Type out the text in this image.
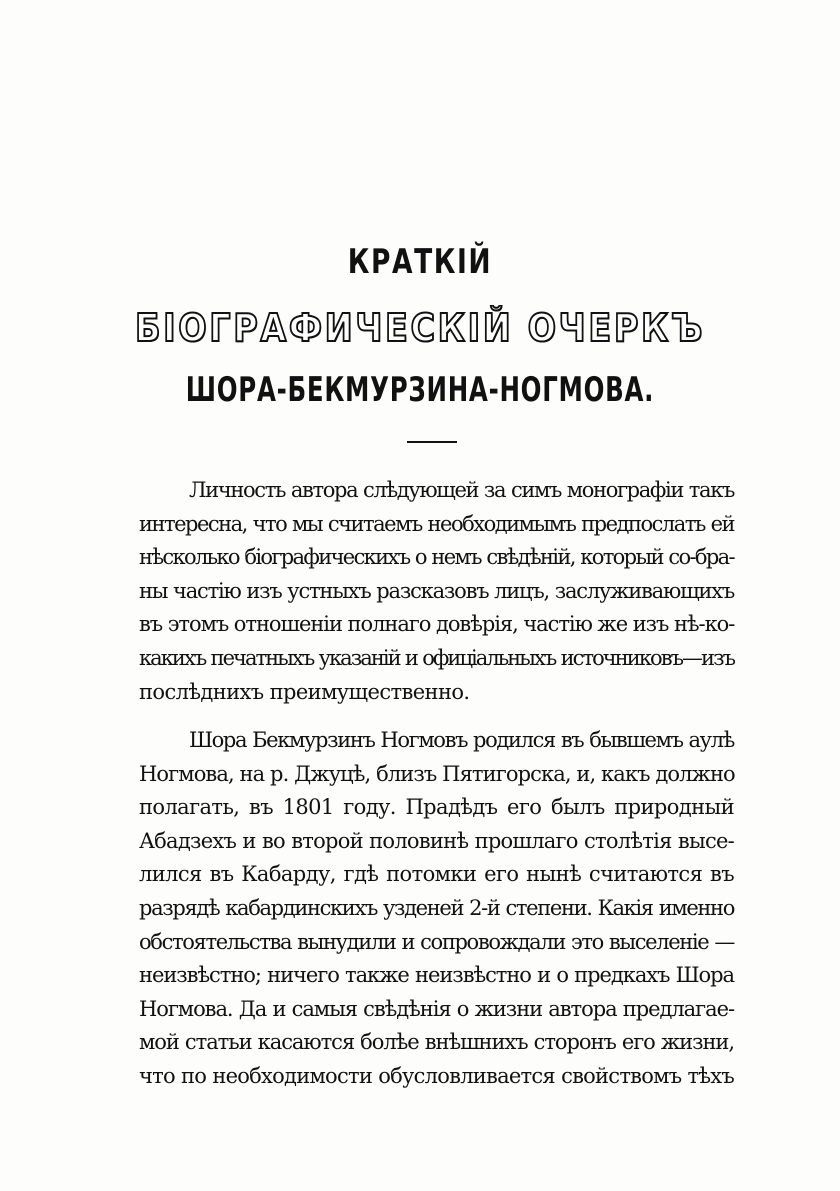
КРАТКІЙ
БІОГРАФИЧЕСКІЙ ОЧЕРКЪ
ШОРА-БЕКМУРЗИНА-НОГМОВА.
Личность автора слѣдующей за симъ монографіи такъ
интересна, что мы считаемъ необходимымъ предпослать ей
нѣсколько біографическихъ о немъ свѣдѣній, который со-бра-
ны частію изъ устныхъ разсказовъ лицъ, заслуживающихъ
въ этомъ отношеніи полнаго довѣрія, частію же изъ нѣ-ко-
какихъ печатныхъ указаній и офиціальныхъ источниковъ—изъ
послѣднихъ преимущественно.
Шора Бекмурзинъ Ногмовъ родился въ бывшемъ аулѣ
Ногмова, на р. Джуцѣ, близъ Пятигорска, и, какъ должно
полагать, въ 1801 году. Прадѣдъ его былъ природный
Абадзехъ и во второй половинѣ прошлаго столѣтія высе-
лился въ Кабарду, гдѣ потомки его нынѣ считаются въ
разрядѣ кабардинскихъ узденей 2-й степени. Какія именно
обстоятельства вынудили и сопровождали это выселеніе —
неизвѣстно; ничего также неизвѣстно и о предкахъ Шора
Ногмова. Да и самыя свѣдѣнія о жизни автора предлагае-
мой статьи касаются болѣе внѣшнихъ сторонъ его жизни,
что по необходимости обусловливается свойствомъ тѣхъ
